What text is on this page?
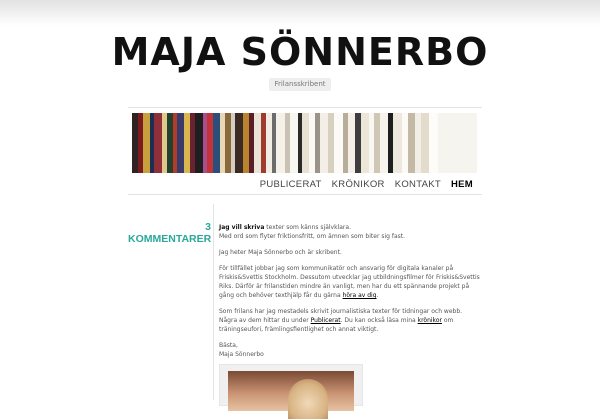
MAJA SÖNNERBO
Frilansskribent
PUBLICERAT KRÖNIKOR KONTAKT HEM
3
KOMMENTARER

Jag vill skriva texter som känns självklara.
Med ord som flyter friktionsfritt, om ämnen som biter sig fast.

Jag heter Maja Sönnerbo och är skribent.

För tillfället jobbar jag som kommunikatör och ansvarig för digitala kanaler på Friskis&Svettis Stockholm. Dessutom utvecklar jag utbildningsfilmer för Friskis&Svettis Riks. Därför är frilanstiden mindre än vanligt, men har du ett spännande projekt på gång och behöver texthjälp får du gärna höra av dig.

Som frilans har jag mestadels skrivit journalistiska texter för tidningar och webb. Några av dem hittar du under Publicerat. Du kan också läsa mina krönikor om träningseufori, främlingsfientlighet och annat viktigt.

Bästa,
Maja Sönnerbo
